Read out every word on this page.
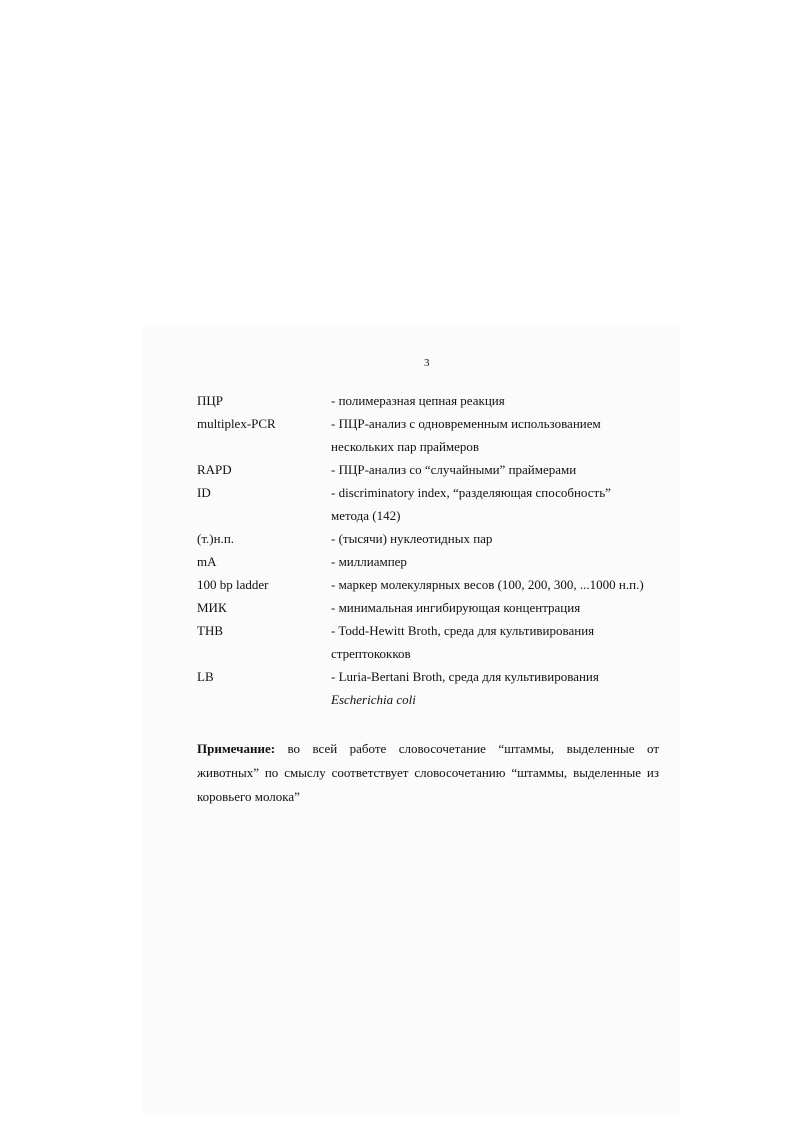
3
ПЦР	- полимеразная цепная реакция
multiplex-PCR	- ПЦР-анализ с одновременным использованием
нескольких пар праймеров
RAPD	- ПЦР-анализ со “случайными” праймерами
ID	- discriminatory index, “разделяющая способность”
метода (142)
(т.)н.п.	- (тысячи) нуклеотидных пар
mA	- миллиампер
100 bp ladder	- маркер молекулярных весов (100, 200, 300, ...1000 н.п.)
МИК	- минимальная ингибирующая концентрация
THB	- Todd-Hewitt Broth, среда для культивирования
стрептококков
LB	- Luria-Bertani Broth, среда для культивирования
Escherichia coli
Примечание: во всей работе словосочетание “штаммы, выделенные от животных” по смыслу соответствует словосочетанию “штаммы, выделенные из коровьего молока”
